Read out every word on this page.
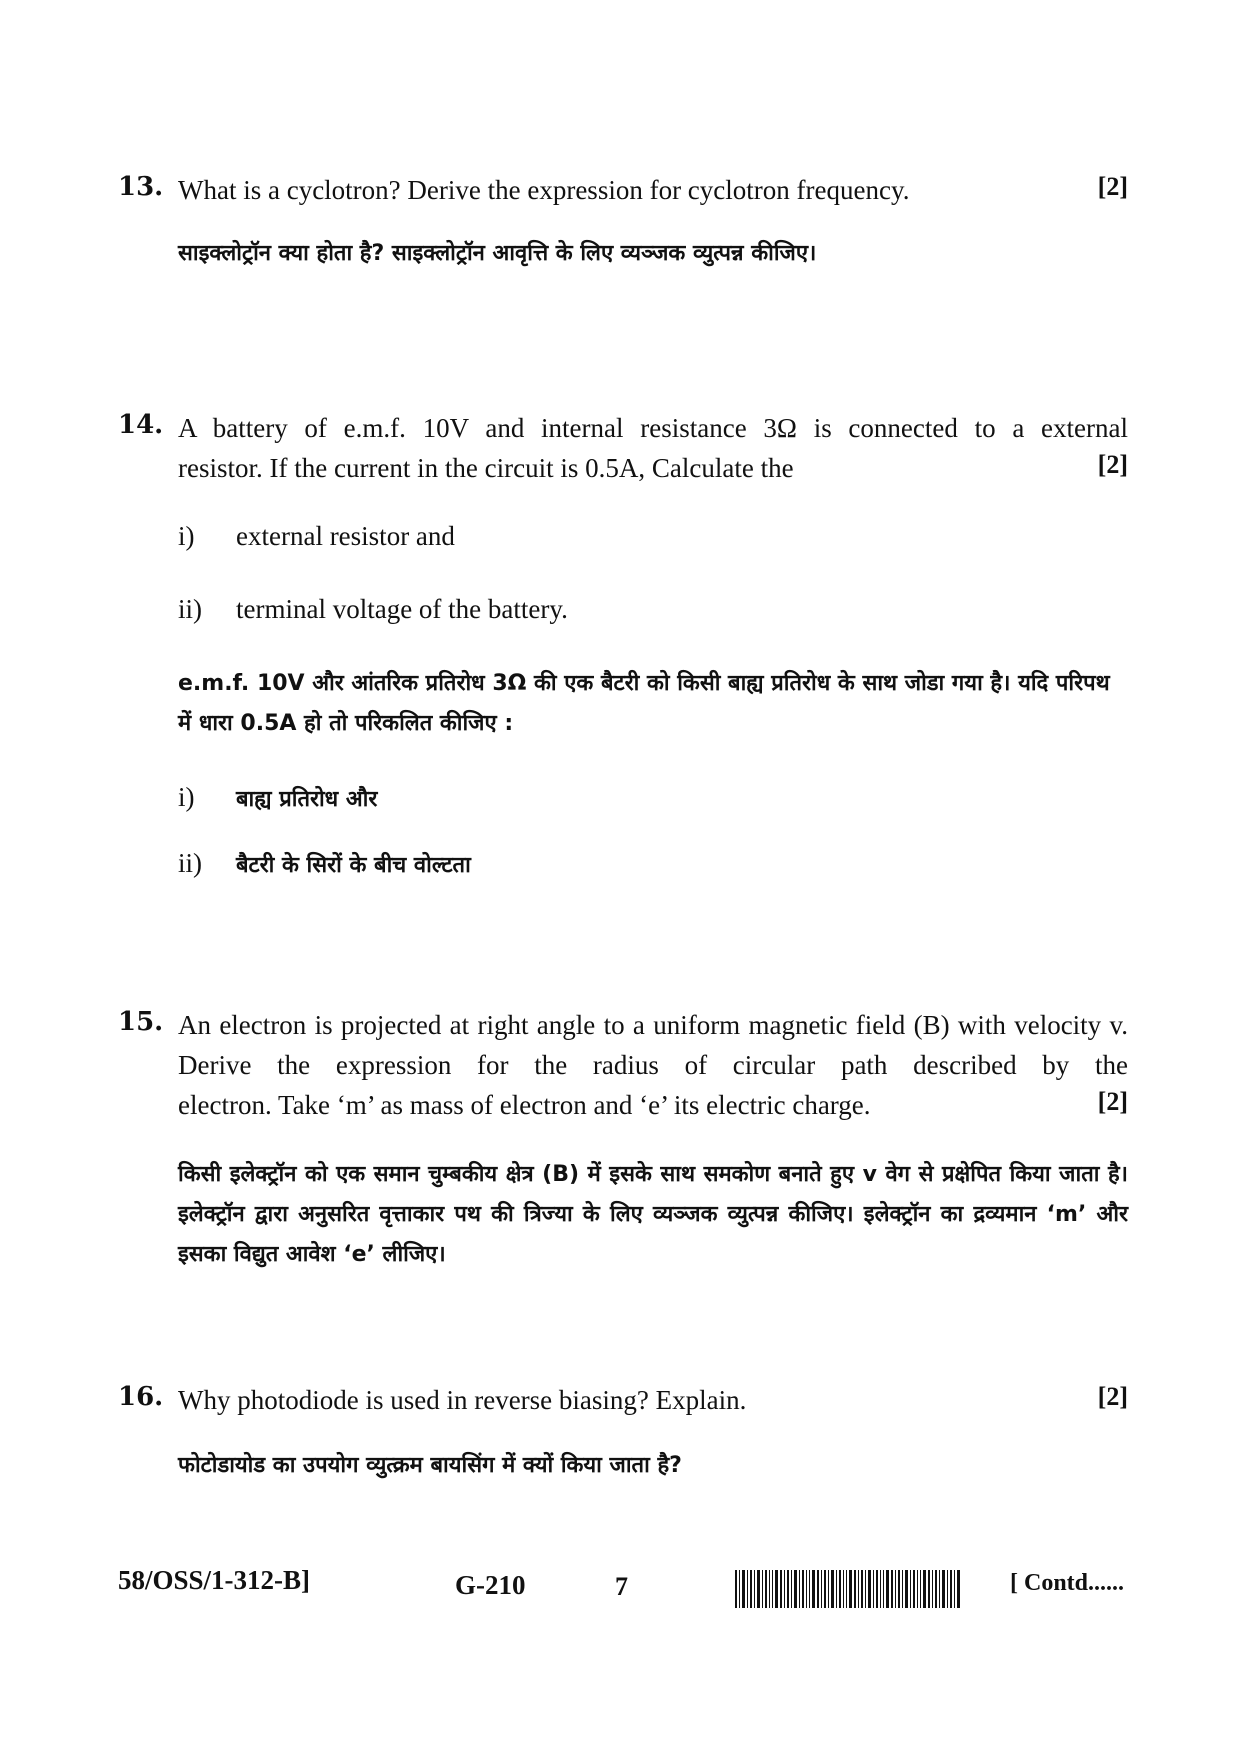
13. What is a cyclotron? Derive the expression for cyclotron frequency.	[2]
साइक्लोट्रॉन क्या होता है? साइक्लोट्रॉन आवृत्ति के लिए व्यञ्जक व्युत्पन्न कीजिए।
14. A battery of e.m.f. 10V and internal resistance 3Ω is connected to a external
resistor. If the current in the circuit is 0.5A, Calculate the	[2]
i) external resistor and
ii) terminal voltage of the battery.
e.m.f. 10V और आंतरिक प्रतिरोध 3Ω की एक बैटरी को किसी बाह्य प्रतिरोध के साथ जोडा गया है। यदि परिपथ में धारा 0.5A हो तो परिकलित कीजिए :
i) बाह्य प्रतिरोध और
ii) बैटरी के सिरों के बीच वोल्टता
15. An electron is projected at right angle to a uniform magnetic field (B) with velocity v. Derive the expression for the radius of circular path described by the
electron. Take ‘m’ as mass of electron and ‘e’ its electric charge.	[2]
किसी इलेक्ट्रॉन को एक समान चुम्बकीय क्षेत्र (B) में इसके साथ समकोण बनाते हुए v वेग से प्रक्षेपित किया जाता है। इलेक्ट्रॉन द्वारा अनुसरित वृत्ताकार पथ की त्रिज्या के लिए व्यञ्जक व्युत्पन्न कीजिए। इलेक्ट्रॉन का द्रव्यमान ‘m’ और इसका विद्युत आवेश ‘e’ लीजिए।
16. Why photodiode is used in reverse biasing? Explain.	[2]
फोटोडायोड का उपयोग व्युत्क्रम बायसिंग में क्यों किया जाता है?
58/OSS/1-312-B]	G-210	7	[ Contd......
